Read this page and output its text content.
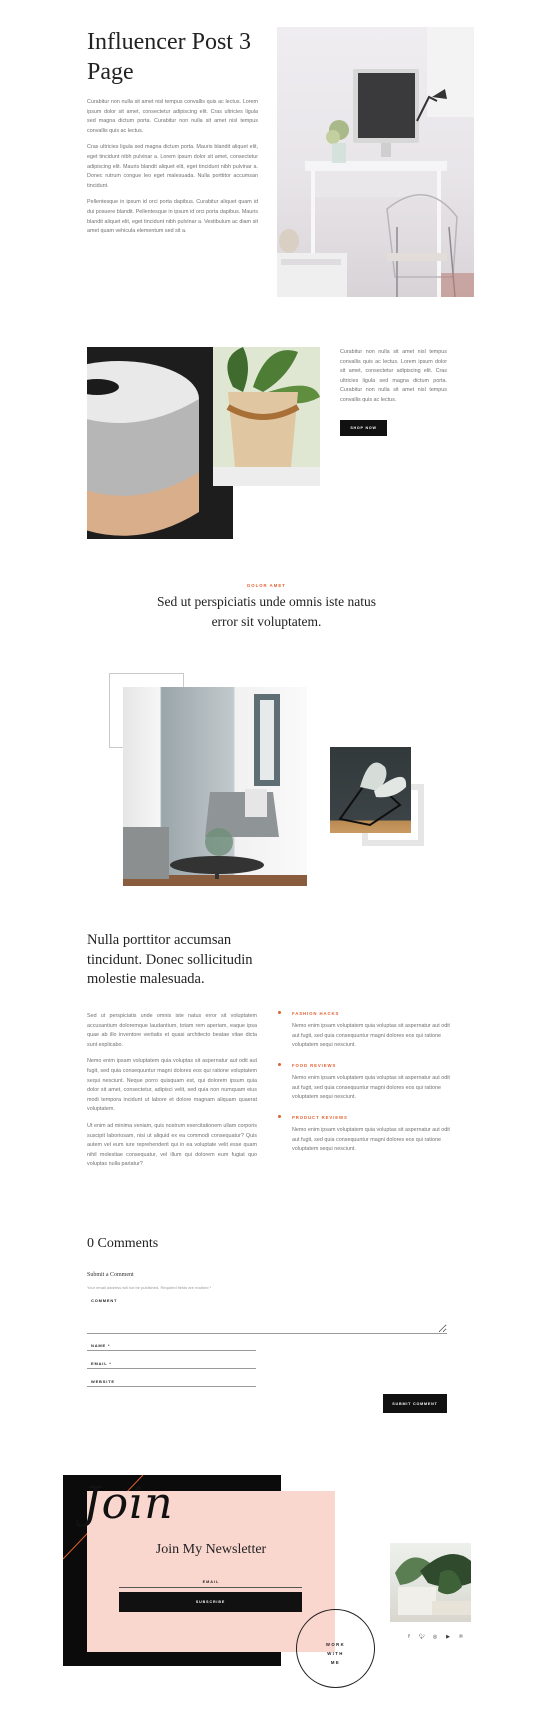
Influencer Post 3 Page

Curabitur non nulla sit amet nisl tempus convallis quis ac lectus. Lorem ipsum dolor sit amet, consectetur adipiscing elit. Cras ultricies ligula sed magna dictum porta. Curabitur non nulla sit amet nisl tempus convallis quis ac lectus.

Cras ultricies ligula sed magna dictum porta. Mauris blandit aliquet elit, eget tincidunt nibh pulvinar a. Lorem ipsum dolor sit amet, consectetur adipiscing elit. Mauris blandit aliquet elit, eget tincidunt nibh pulvinar a. Donec rutrum congue leo eget malesuada. Nulla porttitor accumsan tincidunt.

Pellentesque in ipsum id orci porta dapibus. Curabitur aliquet quam id dui posuere blandit. Pellentesque in ipsum id orci porta dapibus. Mauris blandit aliquet elit, eget tincidunt nibh pulvinar a. Vestibulum ac diam sit amet quam vehicula elementum sed sit a.

Curabitur non nulla sit amet nisl tempus convallis quis ac lectus. Lorem ipsum dolor sit amet, consectetur adipiscing elit. Cras ultricies ligula sed magna dictum porta. Curabitur non nulla sit amet nisl tempus convallis quis ac lectus.
SHOP NOW
DOLOR AMET
Sed ut perspiciatis unde omnis iste natus error sit voluptatem.
Nulla porttitor accumsan tincidunt. Donec sollicitudin molestie malesuada.

Sed ut perspiciatis unde omnis iste natus error sit voluptatem accusantium doloremque laudantium, totam rem aperiam, eaque ipsa quae ab illo inventore veritatis et quasi architecto beatae vitae dicta sunt explicabo.

Nemo enim ipsam voluptatem quia voluptas sit aspernatur aut odit aut fugit, sed quia consequuntur magni dolores eos qui ratione voluptatem sequi nesciunt. Neque porro quisquam est, qui dolorem ipsum quia dolor sit amet, consectetur, adipisci velit, sed quia non numquam eius modi tempora incidunt ut labore et dolore magnam aliquam quaerat voluptatem.

Ut enim ad minima veniam, quis nostrum exercitationem ullam corporis suscipit laboriosam, nisi ut aliquid ex ea commodi consequatur? Quis autem vel eum iure reprehenderit qui in ea voluptate velit esse quam nihil molestiae consequatur, vel illum qui dolorem eum fugiat quo voluptas nulla pariatur?

FASHION HACKS
Nemo enim ipsam voluptatem quia voluptas sit aspernatur aut odit aut fugit, sed quia consequuntur magni dolores eos qui ratione voluptatem sequi nesciunt.
FOOD REVIEWS
Nemo enim ipsam voluptatem quia voluptas sit aspernatur aut odit aut fugit, sed quia consequuntur magni dolores eos qui ratione voluptatem sequi nesciunt.
PRODUCT REVIEWS
Nemo enim ipsam voluptatem quia voluptas sit aspernatur aut odit aut fugit, sed quia consequuntur magni dolores eos qui ratione voluptatem sequi nesciunt.
0 Comments
Submit a Comment
Your email address will not be published. Required fields are marked *
COMMENT
NAME *
EMAIL *
WEBSITE
SUBMIT COMMENT
Join
Join My Newsletter
EMAIL
SUBSCRIBE
WORK
WITH
ME
f	🐦︎	◎	▶	℗
